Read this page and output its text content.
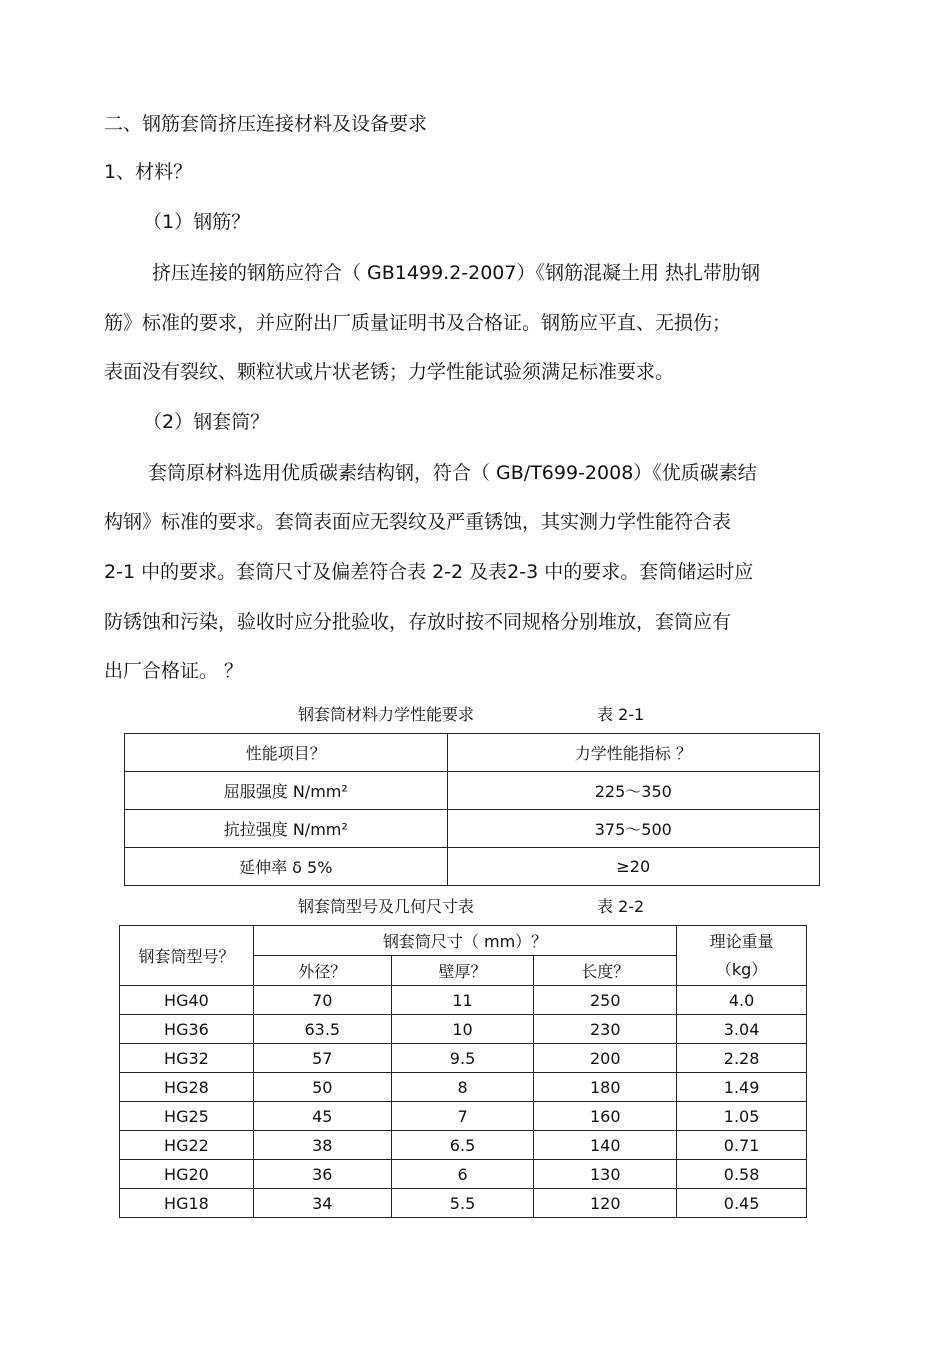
二、钢筋套筒挤压连接材料及设备要求
1、材料？
（1）钢筋？
挤压连接的钢筋应符合（ GB1499.2-2007）《钢筋混凝土用 热扎带肋钢
筋》标准的要求，并应附出厂质量证明书及合格证。钢筋应平直、无损伤；
表面没有裂纹、颗粒状或片状老锈；力学性能试验须满足标准要求。
（2）钢套筒？
套筒原材料选用优质碳素结构钢，符合（ GB/T699-2008）《优质碳素结
构钢》标准的要求。套筒表面应无裂纹及严重锈蚀，其实测力学性能符合表
2-1 中的要求。套筒尺寸及偏差符合表 2-2 及表2-3 中的要求。套筒储运时应
防锈蚀和污染，验收时应分批验收，存放时按不同规格分别堆放，套筒应有
出厂合格证。 ？
钢套筒材料力学性能要求	表 2-1
性能项目？	力学性能指标 ？
屈服强度 N/mm²	225～350
抗拉强度 N/mm²	375～500
延伸率 δ 5%	≥20
钢套筒型号及几何尺寸表	表 2-2
钢套筒型号？	钢套筒尺寸（ mm）？			理论重量
（kg）

	外径？	壁厚？	长度？	
HG40	70	11	250	4.0
HG36	63.5	10	230	3.04
HG32	57	9.5	200	2.28
HG28	50	8	180	1.49
HG25	45	7	160	1.05
HG22	38	6.5	140	0.71
HG20	36	6	130	0.58
HG18	34	5.5	120	0.45
